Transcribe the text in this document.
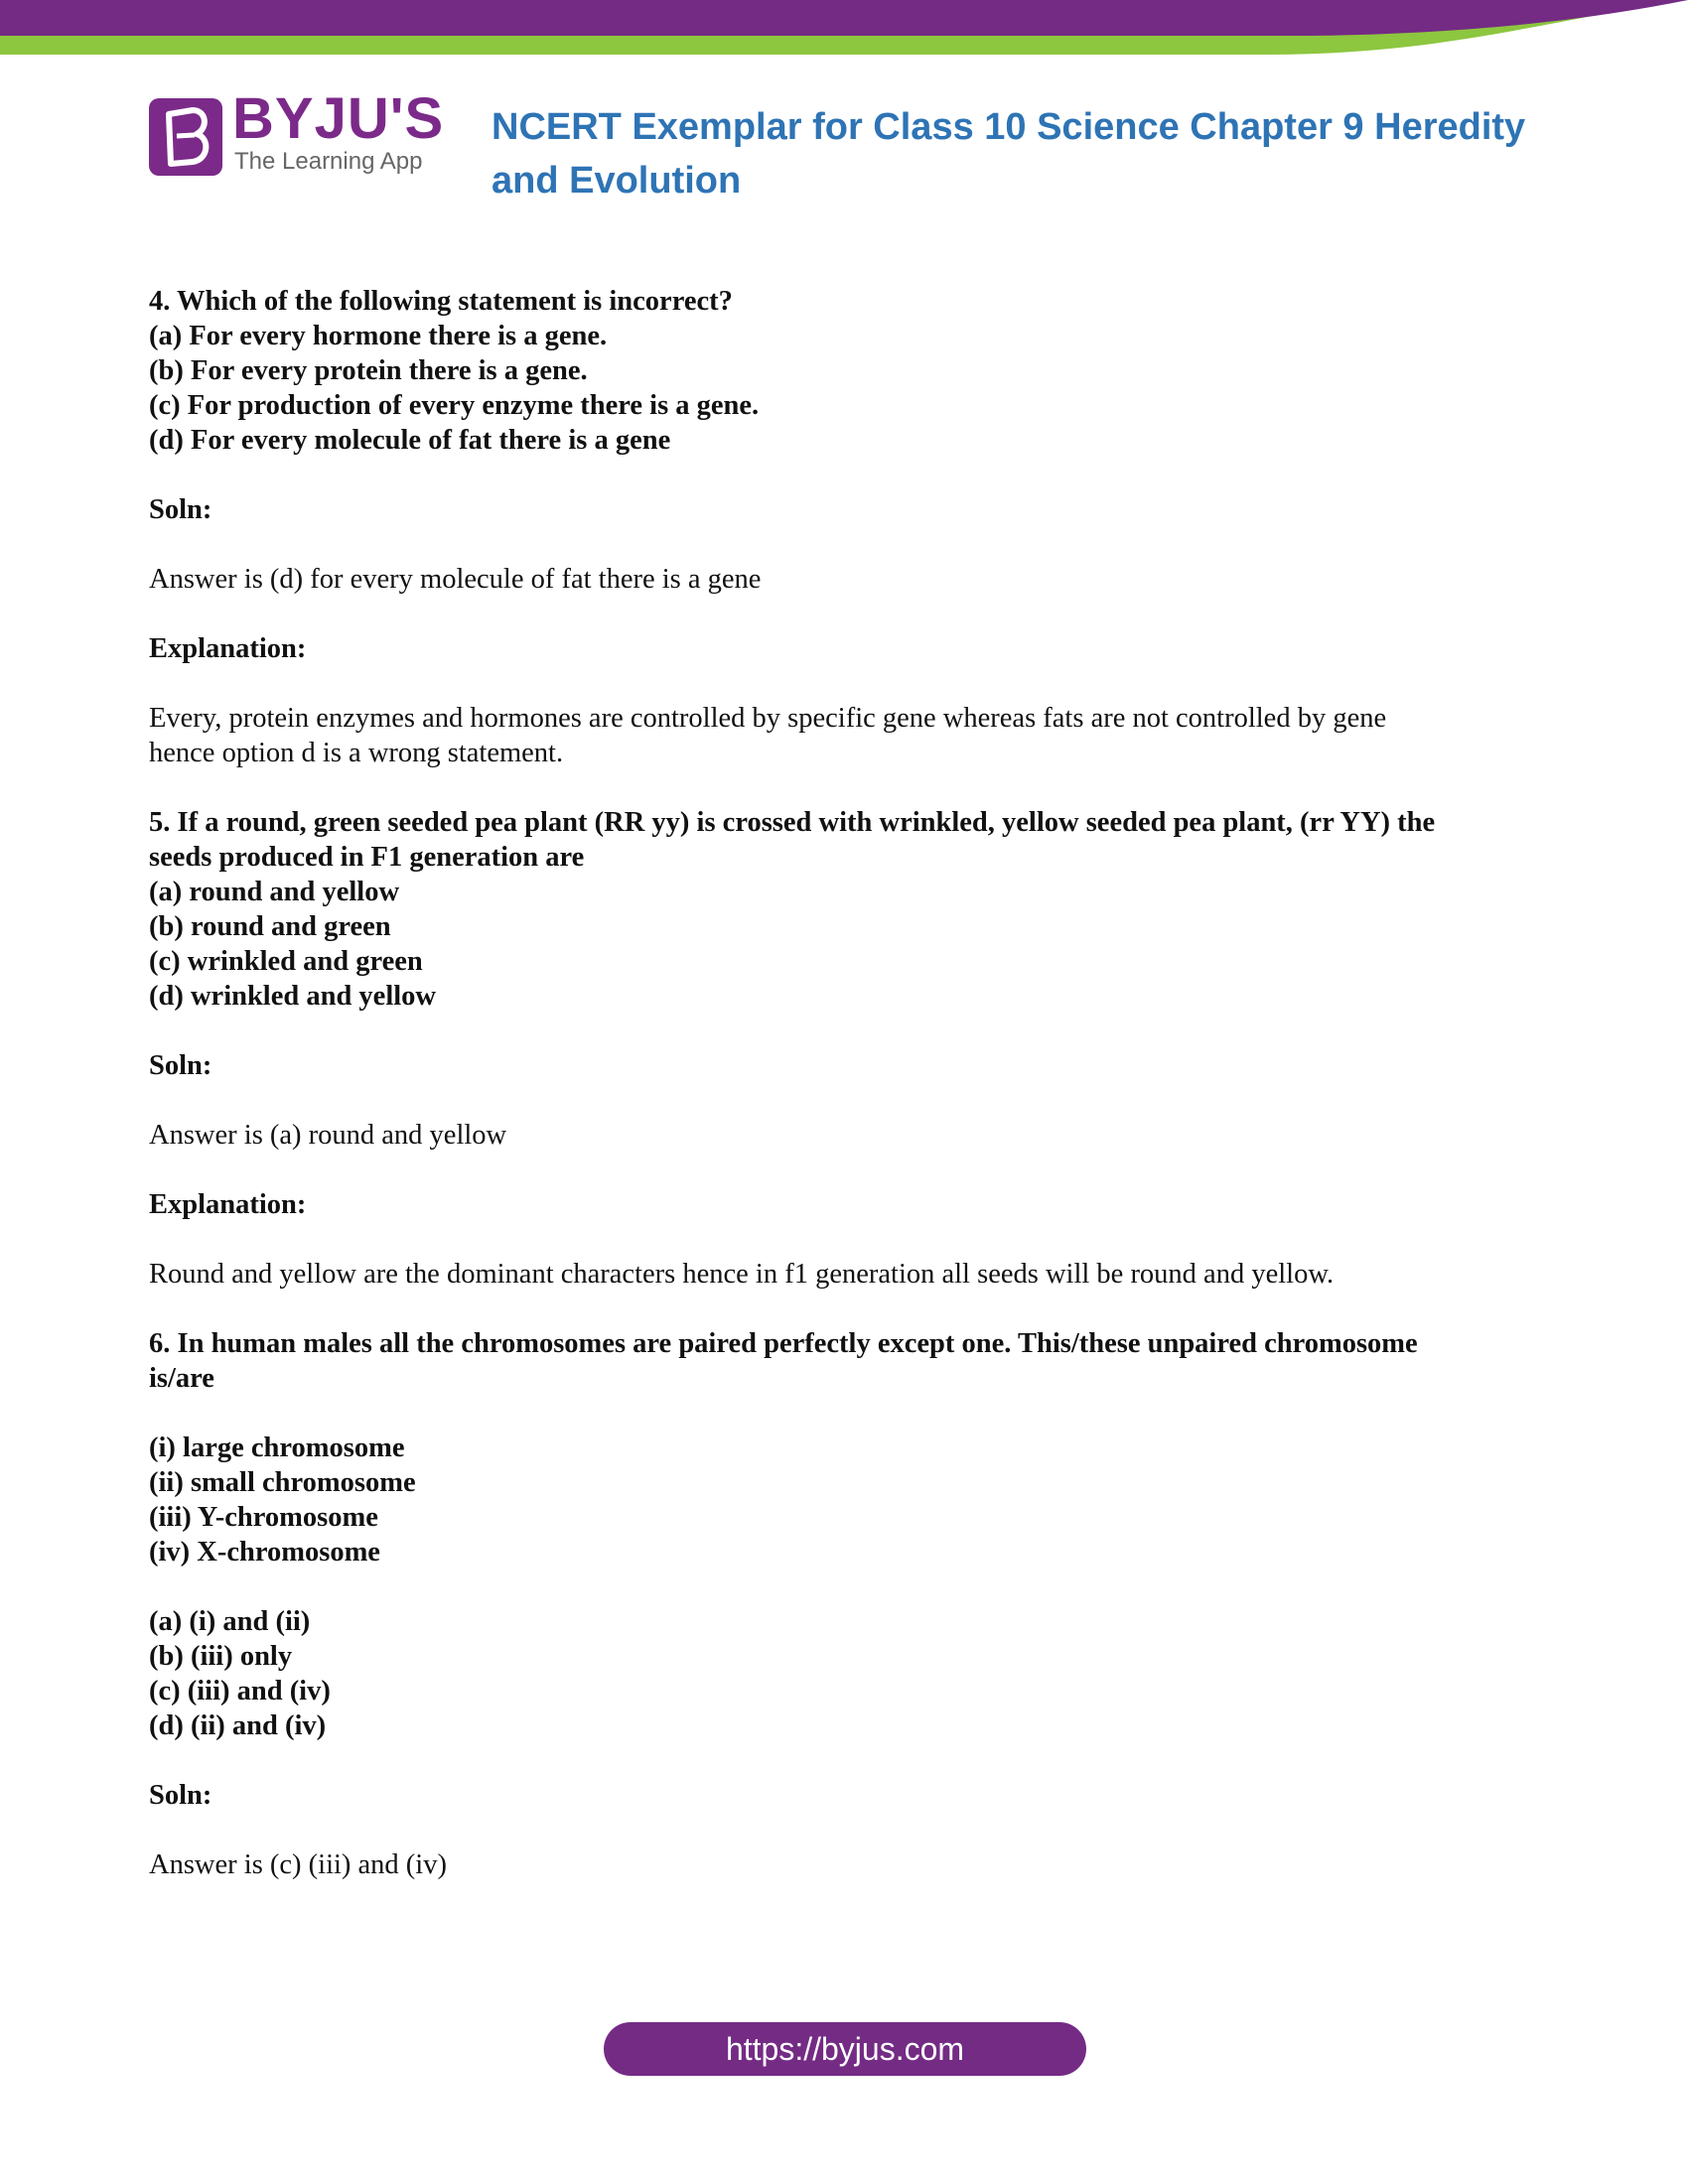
BYJU'S
The Learning App
NCERT Exemplar for Class 10 Science Chapter 9 Heredity
and Evolution

4. Which of the following statement is incorrect?

(a) For every hormone there is a gene.

(b) For every protein there is a gene.

(c) For production of every enzyme there is a gene.

(d) For every molecule of fat there is a gene

Soln:

Answer is (d) for every molecule of fat there is a gene

Explanation:

Every, protein enzymes and hormones are controlled by specific gene whereas fats are not controlled by gene

hence option d is a wrong statement.

5. If a round, green seeded pea plant (RR yy) is crossed with wrinkled, yellow seeded pea plant, (rr YY) the

seeds produced in F1 generation are

(a) round and yellow

(b) round and green

(c) wrinkled and green

(d) wrinkled and yellow

Soln:

Answer is (a) round and yellow

Explanation:

Round and yellow are the dominant characters hence in f1 generation all seeds will be round and yellow.

6. In human males all the chromosomes are paired perfectly except one. This/these unpaired chromosome

is/are

(i) large chromosome

(ii) small chromosome

(iii) Y-chromosome

(iv) X-chromosome

(a) (i) and (ii)

(b) (iii) only

(c) (iii) and (iv)

(d) (ii) and (iv)

Soln:

Answer is (c) (iii) and (iv)

https://byjus.com
